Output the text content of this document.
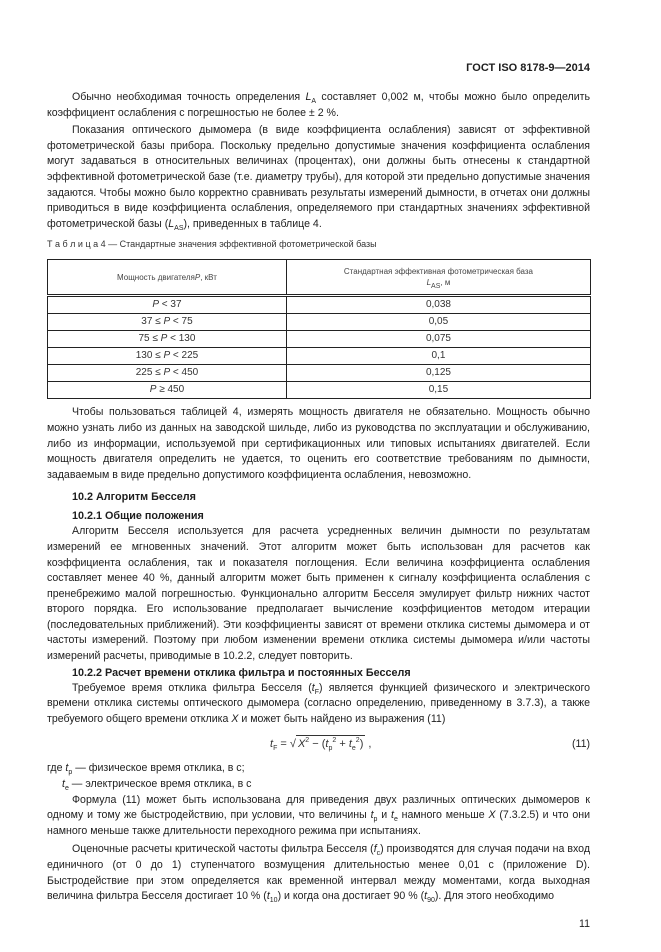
ГОСТ ISO 8178-9—2014

Обычно необходимая точность определения $L_A$ составляет 0,002 м, чтобы можно было определить коэффициент ослабления с погрешностью не более ± 2 %.

Показания оптического дымомера (в виде коэффициента ослабления) зависят от эффективной фотометрической базы прибора. Поскольку предельно допустимые значения коэффициента ослабления могут задаваться в относительных величинах (процентах), они должны быть отнесены к стандартной эффективной фотометрической базе (т.е. диаметру трубы), для которой эти предельно допустимые значения задаются. Чтобы можно было корректно сравнивать результаты измерений дымности, в отчетах они должны приводиться в виде коэффициента ослабления, определяемого при стандартных значениях эффективной фотометрической базы $(L_{AS})$, приведенных в таблице 4.

Т а б л и ц а 4 — Стандартные значения эффективной фотометрической базы

Мощность двигателяP, кВт	Стандартная эффективная фотометрическая база
$L_{AS}$, м
P < 37	0,038
37 ≤ P < 75	0,05
75 ≤ P < 130	0,075
130 ≤ P < 225	0,1
225 ≤ P < 450	0,125
P ≥ 450	0,15

Чтобы пользоваться таблицей 4, измерять мощность двигателя не обязательно. Мощность обычно можно узнать либо из данных на заводской шильде, либо из руководства по эксплуатации и обслуживанию, либо из информации, используемой при сертификационных или типовых испытаниях двигателей. Если мощность двигателя определить не удается, то оценить его соответствие требованиям по дымности, задаваемым в виде предельно допустимого коэффициента ослабления, невозможно.

10.2 Алгоритм Бесселя

10.2.1 Общие положения

Алгоритм Бесселя используется для расчета усредненных величин дымности по результатам измерений ее мгновенных значений. Этот алгоритм может быть использован для расчетов как коэффициента ослабления, так и показателя поглощения. Если величина коэффициента ослабления составляет менее 40 %, данный алгоритм может быть применен к сигналу коэффициента ослабления с пренебрежимо малой погрешностью. Функционально алгоритм Бесселя эмулирует фильтр нижних частот второго порядка. Его использование предполагает вычисление коэффициентов методом итерации (последовательных приближений). Эти коэффициенты зависят от времени отклика системы дымомера и от частоты измерений. Поэтому при любом изменении времени отклика системы дымомера и/или частоты измерений расчеты, приводимые в 10.2.2, следует повторить.

10.2.2 Расчет времени отклика фильтра и постоянных Бесселя

Требуемое время отклика фильтра Бесселя $(t_F)$ является функцией физического и электрического времени отклика системы оптического дымомера (согласно определению, приведенному в 3.7.3), а также требуемого общего времени отклика X и может быть найдено из выражения (11)

$t_F$ = √ $X^2 - (t_p^2 + t_e^2)$ ,	(11)

где $t_p$ — физическое время отклика, в с;

$t_e$ — электрическое время отклика, в с

Формула (11) может быть использована для приведения двух различных оптических дымомеров к одному и тому же быстродействию, при условии, что величины $t_p$ и $t_e$ намного меньше X (7.3.2.5) и что они намного меньше также длительности переходного режима при испытаниях.

Оценочные расчеты критической частоты фильтра Бесселя $(f_c)$ производятся для случая подачи на вход единичного (от 0 до 1) ступенчатого возмущения длительностью менее 0,01 с (приложение D). Быстродействие при этом определяется как временной интервал между моментами, когда выходная величина фильтра Бесселя достигает 10 % $(t_{10})$ и когда она достигает 90 % $(t_{90})$. Для этого необходимо

11
